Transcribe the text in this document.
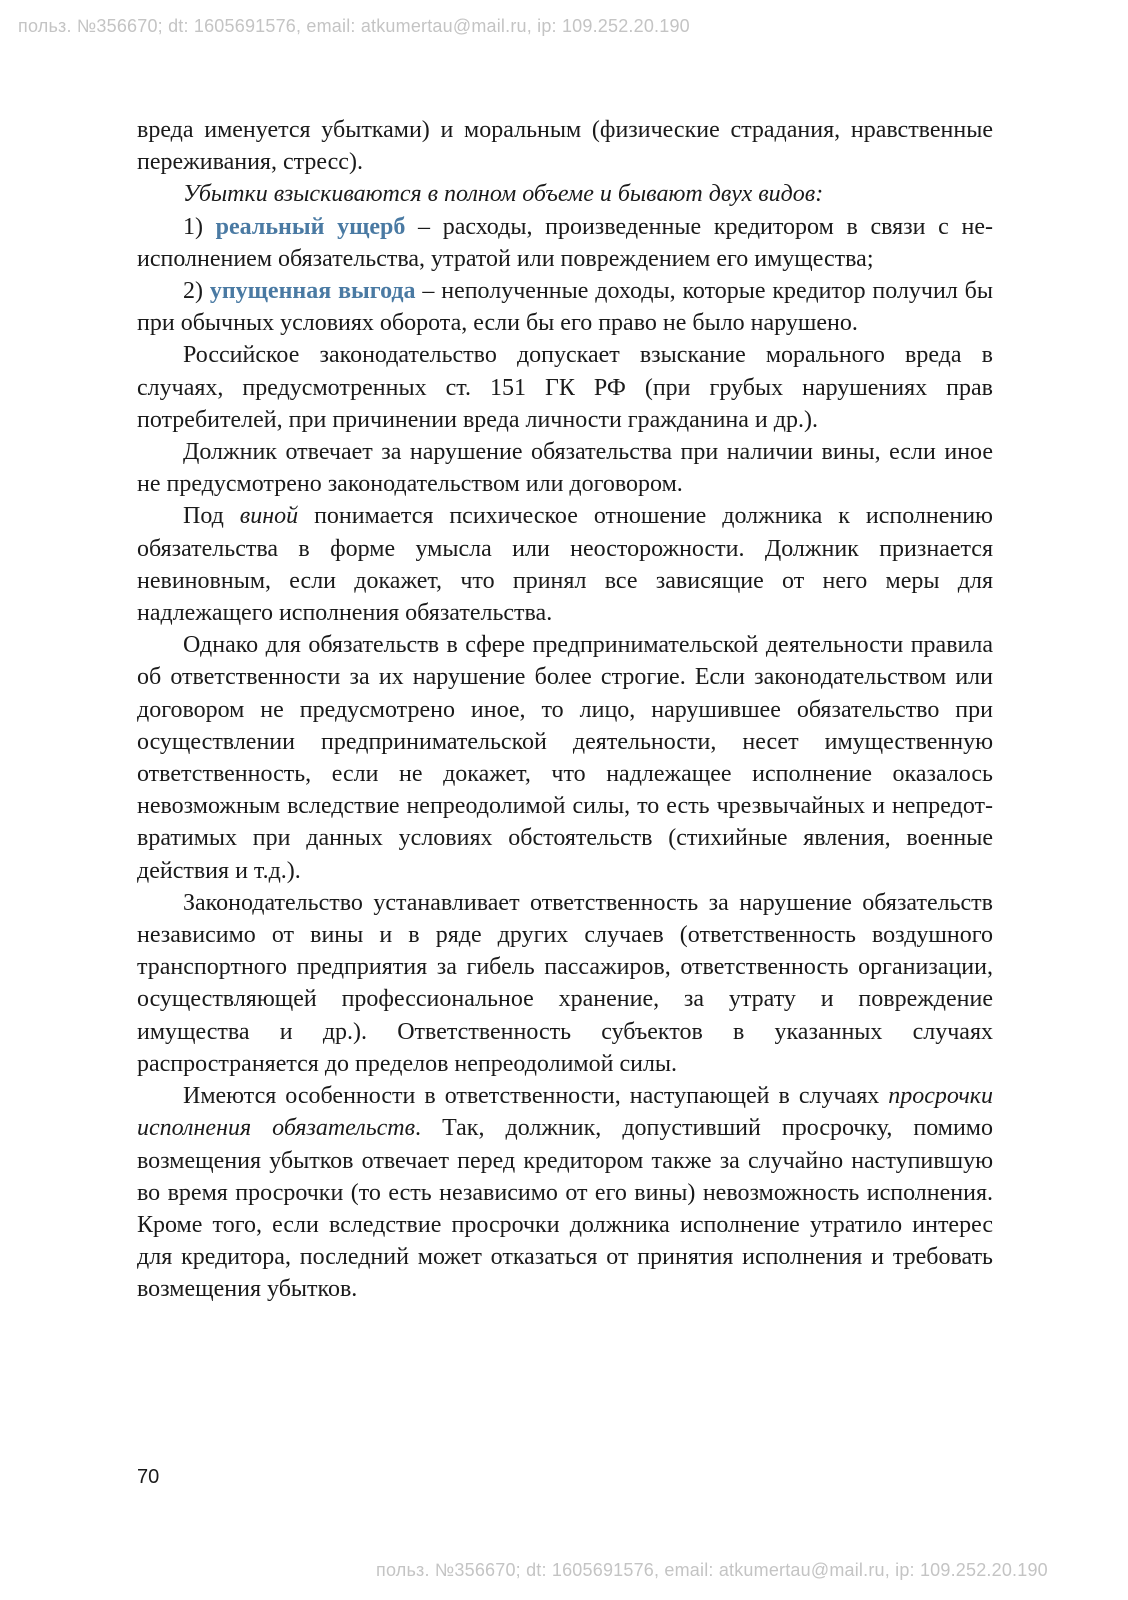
польз. №356670; dt: 1605691576, email: atkumertau@mail.ru, ip: 109.252.20.190

вреда именуется убытками) и моральным (физические страдания, нравственные переживания, стресс).

Убытки взыскиваются в полном объеме и бывают двух видов:

1) реальный ущерб – расходы, произведенные кредитором в связи с неисполнением обязательства, утратой или повреждением его имущества;

2) упущенная выгода – неполученные доходы, которые кредитор получил бы при обычных условиях оборота, если бы его право не было нарушено.

Российское законодательство допускает взыскание морального вреда в случаях, предусмотренных ст. 151 ГК РФ (при грубых нарушениях прав потребителей, при причинении вреда личности гражданина и др.).

Должник отвечает за нарушение обязательства при наличии вины, если иное не предусмотрено законодательством или договором.

Под виной понимается психическое отношение должника к исполнению обязательства в форме умысла или неосторожности. Должник признается невиновным, если докажет, что принял все зависящие от него меры для надлежащего исполнения обязательства.

Однако для обязательств в сфере предпринимательской деятельности правила об ответственности за их нарушение более строгие. Если законодательством или договором не предусмотрено иное, то лицо, нарушившее обязательство при осуществлении предпринимательской деятельности, несет имущественную ответственность, если не докажет, что надлежащее исполнение оказалось невозможным вследствие непреодолимой силы, то есть чрезвычайных и непредотвратимых при данных условиях обстоятельств (стихийные явления, военные действия и т.д.).

Законодательство устанавливает ответственность за нарушение обязательств независимо от вины и в ряде других случаев (ответственность воздушного транспортного предприятия за гибель пассажиров, ответственность организации, осуществляющей профессиональное хранение, за утрату и повреждение имущества и др.). Ответственность субъектов в указанных случаях распространяется до пределов непреодолимой силы.

Имеются особенности в ответственности, наступающей в случаях просрочки исполнения обязательств. Так, должник, допустивший просрочку, помимо возмещения убытков отвечает перед кредитором также за случайно наступившую во время просрочки (то есть независимо от его вины) невозможность исполнения. Кроме того, если вследствие просрочки должника исполнение утратило интерес для кредитора, последний может отказаться от принятия исполнения и требовать возмещения убытков.

70
польз. №356670; dt: 1605691576, email: atkumertau@mail.ru, ip: 109.252.20.190
